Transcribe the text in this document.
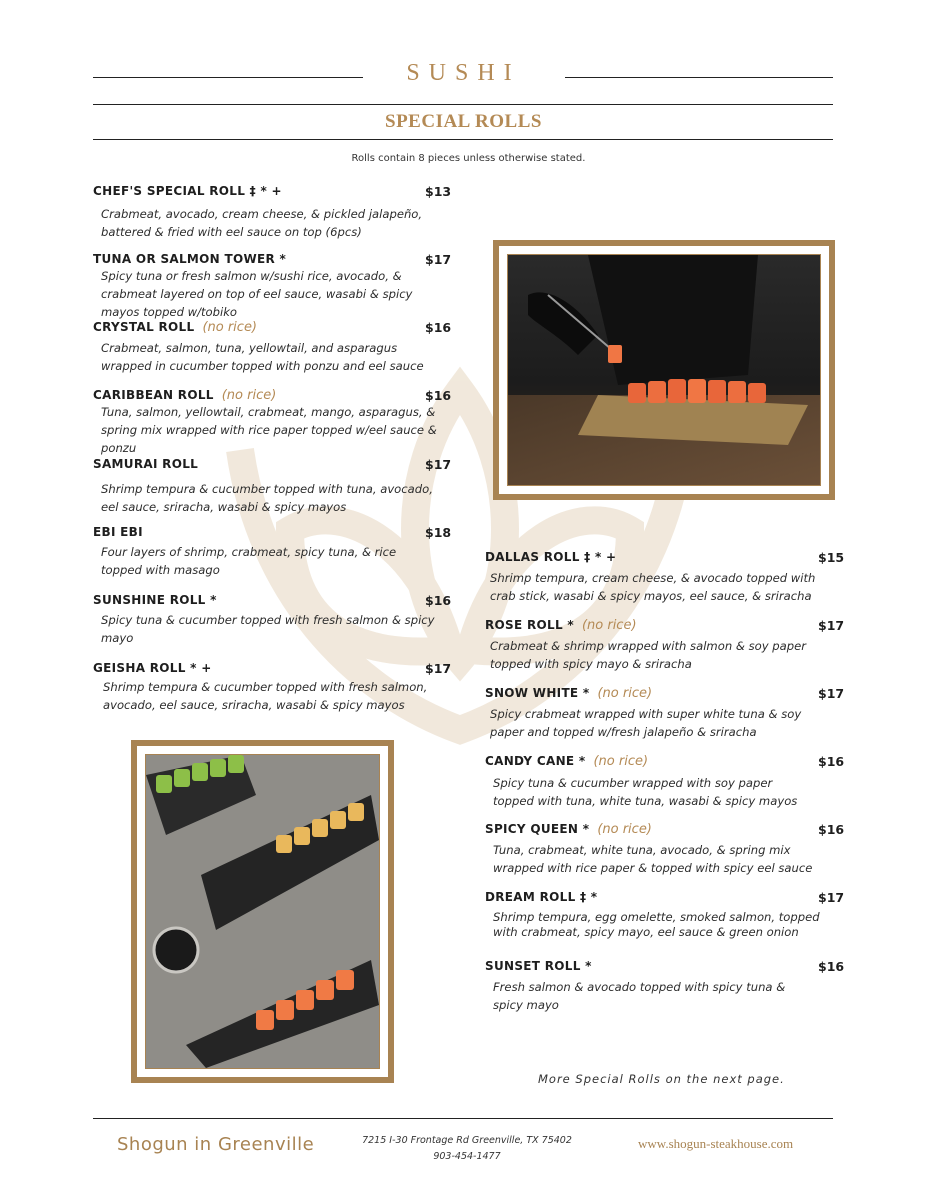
SUSHI
SPECIAL ROLLS
Rolls contain 8 pieces unless otherwise stated.
CHEF'S SPECIAL ROLL ‡ * +	$13
Crabmeat, avocado, cream cheese, & pickled jalapeño,
battered & fried with eel sauce on top (6pcs)
TUNA OR SALMON TOWER *	$17
Spicy tuna or fresh salmon w/sushi rice, avocado, &
crabmeat layered on top of eel sauce, wasabi & spicy
mayos topped w/tobiko
CRYSTAL ROLL (no rice)	$16
Crabmeat, salmon, tuna, yellowtail, and asparagus
wrapped in cucumber topped with ponzu and eel sauce
CARIBBEAN ROLL (no rice)	$16
Tuna, salmon, yellowtail, crabmeat, mango, asparagus, &
spring mix wrapped with rice paper topped w/eel sauce &
ponzu
SAMURAI ROLL	$17
Shrimp tempura & cucumber topped with tuna, avocado,
eel sauce, sriracha, wasabi & spicy mayos
EBI EBI	$18
Four layers of shrimp, crabmeat, spicy tuna, & rice
topped with masago
SUNSHINE ROLL *	$16
Spicy tuna & cucumber topped with fresh salmon & spicy
mayo
GEISHA ROLL * +	$17
Shrimp tempura & cucumber topped with fresh salmon,
avocado, eel sauce, sriracha, wasabi & spicy mayos
DALLAS ROLL ‡ * +	$15
Shrimp tempura, cream cheese, & avocado topped with
crab stick, wasabi & spicy mayos, eel sauce, & sriracha
ROSE ROLL * (no rice)	$17
Crabmeat & shrimp wrapped with salmon & soy paper
topped with spicy mayo & sriracha
SNOW WHITE * (no rice)	$17
Spicy crabmeat wrapped with super white tuna & soy
paper and topped w/fresh jalapeño & sriracha
CANDY CANE * (no rice)	$16
Spicy tuna & cucumber wrapped with soy paper
topped with tuna, white tuna, wasabi & spicy mayos
SPICY QUEEN * (no rice)	$16
Tuna, crabmeat, white tuna, avocado, & spring mix
wrapped with rice paper & topped with spicy eel sauce
DREAM ROLL ‡ *	$17
Shrimp tempura, egg omelette, smoked salmon, topped
with crabmeat, spicy mayo, eel sauce & green onion
SUNSET ROLL *	$16
Fresh salmon & avocado topped with spicy tuna &
spicy mayo
More Special Rolls on the next page.
Shogun in Greenville	7215 I-30 Frontage Rd Greenville, TX 75402
903-454-1477
www.shogun-steakhouse.com
